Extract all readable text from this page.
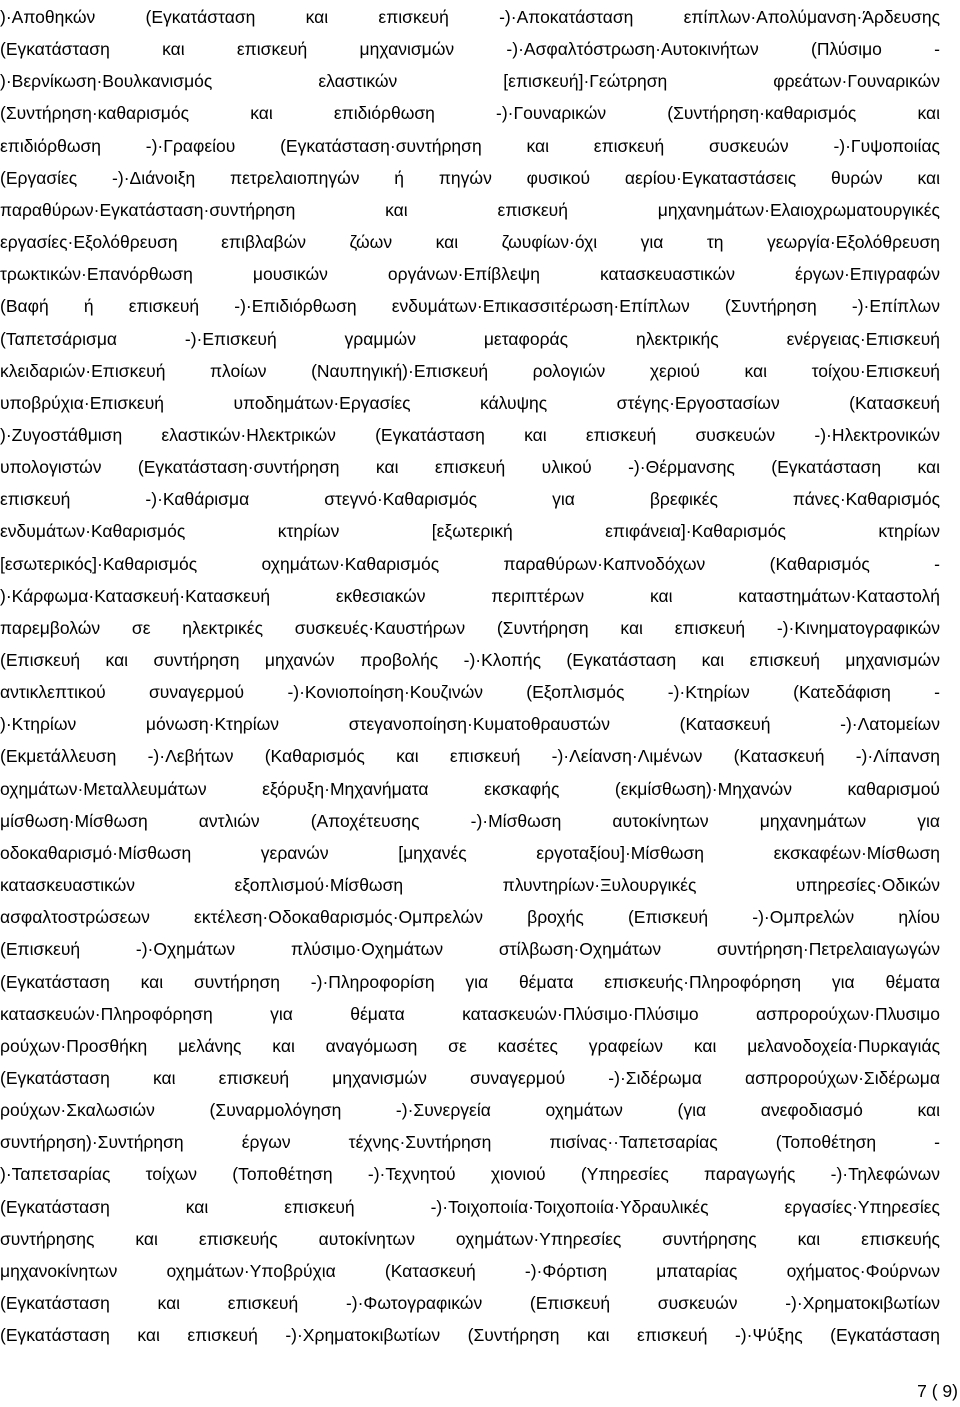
)·Αποθηκών (Εγκατάσταση και επισκευή -)·Αποκατάσταση επίπλων·Απολύμανση·Άρδευσης
(Εγκατάσταση και επισκευή μηχανισμών -)·Ασφαλτόστρωση·Αυτοκινήτων (Πλύσιμο -
)·Βερνίκωση·Βουλκανισμός ελαστικών [επισκευή]·Γεώτρηση φρεάτων·Γουναρικών
(Συντήρηση·καθαρισμός και επιδιόρθωση -)·Γουναρικών (Συντήρηση·καθαρισμός και
επιδιόρθωση -)·Γραφείου (Εγκατάσταση·συντήρηση και επισκευή συσκευών -)·Γυψοποιίας
(Εργασίες -)·Διάνοιξη πετρελαιοπηγών ή πηγών φυσικού αερίου·Εγκαταστάσεις θυρών και
παραθύρων·Εγκατάσταση·συντήρηση και επισκευή μηχανημάτων·Ελαιοχρωματουργικές
εργασίες·Εξολόθρευση επιβλαβών ζώων και ζωυφίων·όχι για τη γεωργία·Εξολόθρευση
τρωκτικών·Επανόρθωση μουσικών οργάνων·Επίβλεψη κατασκευαστικών έργων·Επιγραφών
(Βαφή ή επισκευή -)·Επιδιόρθωση ενδυμάτων·Επικασσιτέρωση·Επίπλων (Συντήρηση -)·Επίπλων
(Ταπετσάρισμα -)·Επισκευή γραμμών μεταφοράς ηλεκτρικής ενέργειας·Επισκευή
κλειδαριών·Επισκευή πλοίων (Ναυπηγική)·Επισκευή ρολογιών χεριού και τοίχου·Επισκευή
υποβρύχια·Επισκευή υποδημάτων·Εργασίες κάλυψης στέγης·Εργοστασίων (Κατασκευή
)·Ζυγοστάθμιση ελαστικών·Ηλεκτρικών (Εγκατάσταση και επισκευή συσκευών -)·Ηλεκτρονικών
υπολογιστών (Εγκατάσταση·συντήρηση και επισκευή υλικού -)·Θέρμανσης (Εγκατάσταση και
επισκευή -)·Καθάρισμα στεγνό·Καθαρισμός για βρεφικές πάνες·Καθαρισμός
ενδυμάτων·Καθαρισμός κτηρίων [εξωτερική επιφάνεια]·Καθαρισμός κτηρίων
[εσωτερικός]·Καθαρισμός οχημάτων·Καθαρισμός παραθύρων·Καπνοδόχων (Καθαρισμός -
)·Κάρφωμα·Κατασκευή·Κατασκευή εκθεσιακών περιπτέρων και καταστημάτων·Καταστολή
παρεμβολών σε ηλεκτρικές συσκευές·Καυστήρων (Συντήρηση και επισκευή -)·Κινηματογραφικών
(Επισκευή και συντήρηση μηχανών προβολής -)·Κλοπής (Εγκατάσταση και επισκευή μηχανισμών
αντικλεπτικού συναγερμού -)·Κονιοποίηση·Κουζινών (Εξοπλισμός -)·Κτηρίων (Κατεδάφιση -
)·Κτηρίων μόνωση·Κτηρίων στεγανοποίηση·Κυματοθραυστών (Κατασκευή -)·Λατομείων
(Εκμετάλλευση -)·Λεβήτων (Καθαρισμός και επισκευή -)·Λείανση·Λιμένων (Κατασκευή -)·Λίπανση
οχημάτων·Μεταλλευμάτων εξόρυξη·Μηχανήματα εκσκαφής (εκμίσθωση)·Μηχανών καθαρισμού
μίσθωση·Μίσθωση αντλιών (Αποχέτευσης -)·Μίσθωση αυτοκίνητων μηχανημάτων για
οδοκαθαρισμό·Μίσθωση γερανών [μηχανές εργοταξίου]·Μίσθωση εκσκαφέων·Μίσθωση
κατασκευαστικών εξοπλισμού·Μίσθωση πλυντηρίων·Ξυλουργικές υπηρεσίες·Οδικών
ασφαλτοστρώσεων εκτέλεση·Οδοκαθαρισμός·Ομπρελών βροχής (Επισκευή -)·Ομπρελών ηλίου
(Επισκευή -)·Οχημάτων πλύσιμο·Οχημάτων στίλβωση·Οχημάτων συντήρηση·Πετρελαιαγωγών
(Εγκατάσταση και συντήρηση -)·Πληροφορίση για θέματα επισκευής·Πληροφόρηση για θέματα
κατασκευών·Πληροφόρηση για θέματα κατασκευών·Πλύσιμο·Πλύσιμο ασπρορούχων·Πλυσιμο
ρούχων·Προσθήκη μελάνης και αναγόμωση σε κασέτες γραφείων και μελανοδοχεία·Πυρκαγιάς
(Εγκατάσταση και επισκευή μηχανισμών συναγερμού -)·Σιδέρωμα ασπρορούχων·Σιδέρωμα
ρούχων·Σκαλωσιών (Συναρμολόγηση -)·Συνεργεία οχημάτων (για ανεφοδιασμό και
συντήρηση)·Συντήρηση έργων τέχνης·Συντήρηση πισίνας··Ταπετσαρίας (Τοποθέτηση -
)·Ταπετσαρίας τοίχων (Τοποθέτηση -)·Τεχνητού χιονιού (Υπηρεσίες παραγωγής -)·Τηλεφώνων
(Εγκατάσταση και επισκευή -)·Τοιχοποιία·Τοιχοποιία·Υδραυλικές εργασίες·Υπηρεσίες
συντήρησης και επισκευής αυτοκίνητων οχημάτων·Υπηρεσίες συντήρησης και επισκευής
μηχανοκίνητων οχημάτων·Υποβρύχια (Κατασκευή -)·Φόρτιση μπαταρίας οχήματος·Φούρνων
(Εγκατάσταση και επισκευή -)·Φωτογραφικών (Επισκευή συσκευών -)·Χρηματοκιβωτίων
(Εγκατάσταση και επισκευή -)·Χρηματοκιβωτίων (Συντήρηση και επισκευή -)·Ψύξης (Εγκατάσταση
7 ( 9)
